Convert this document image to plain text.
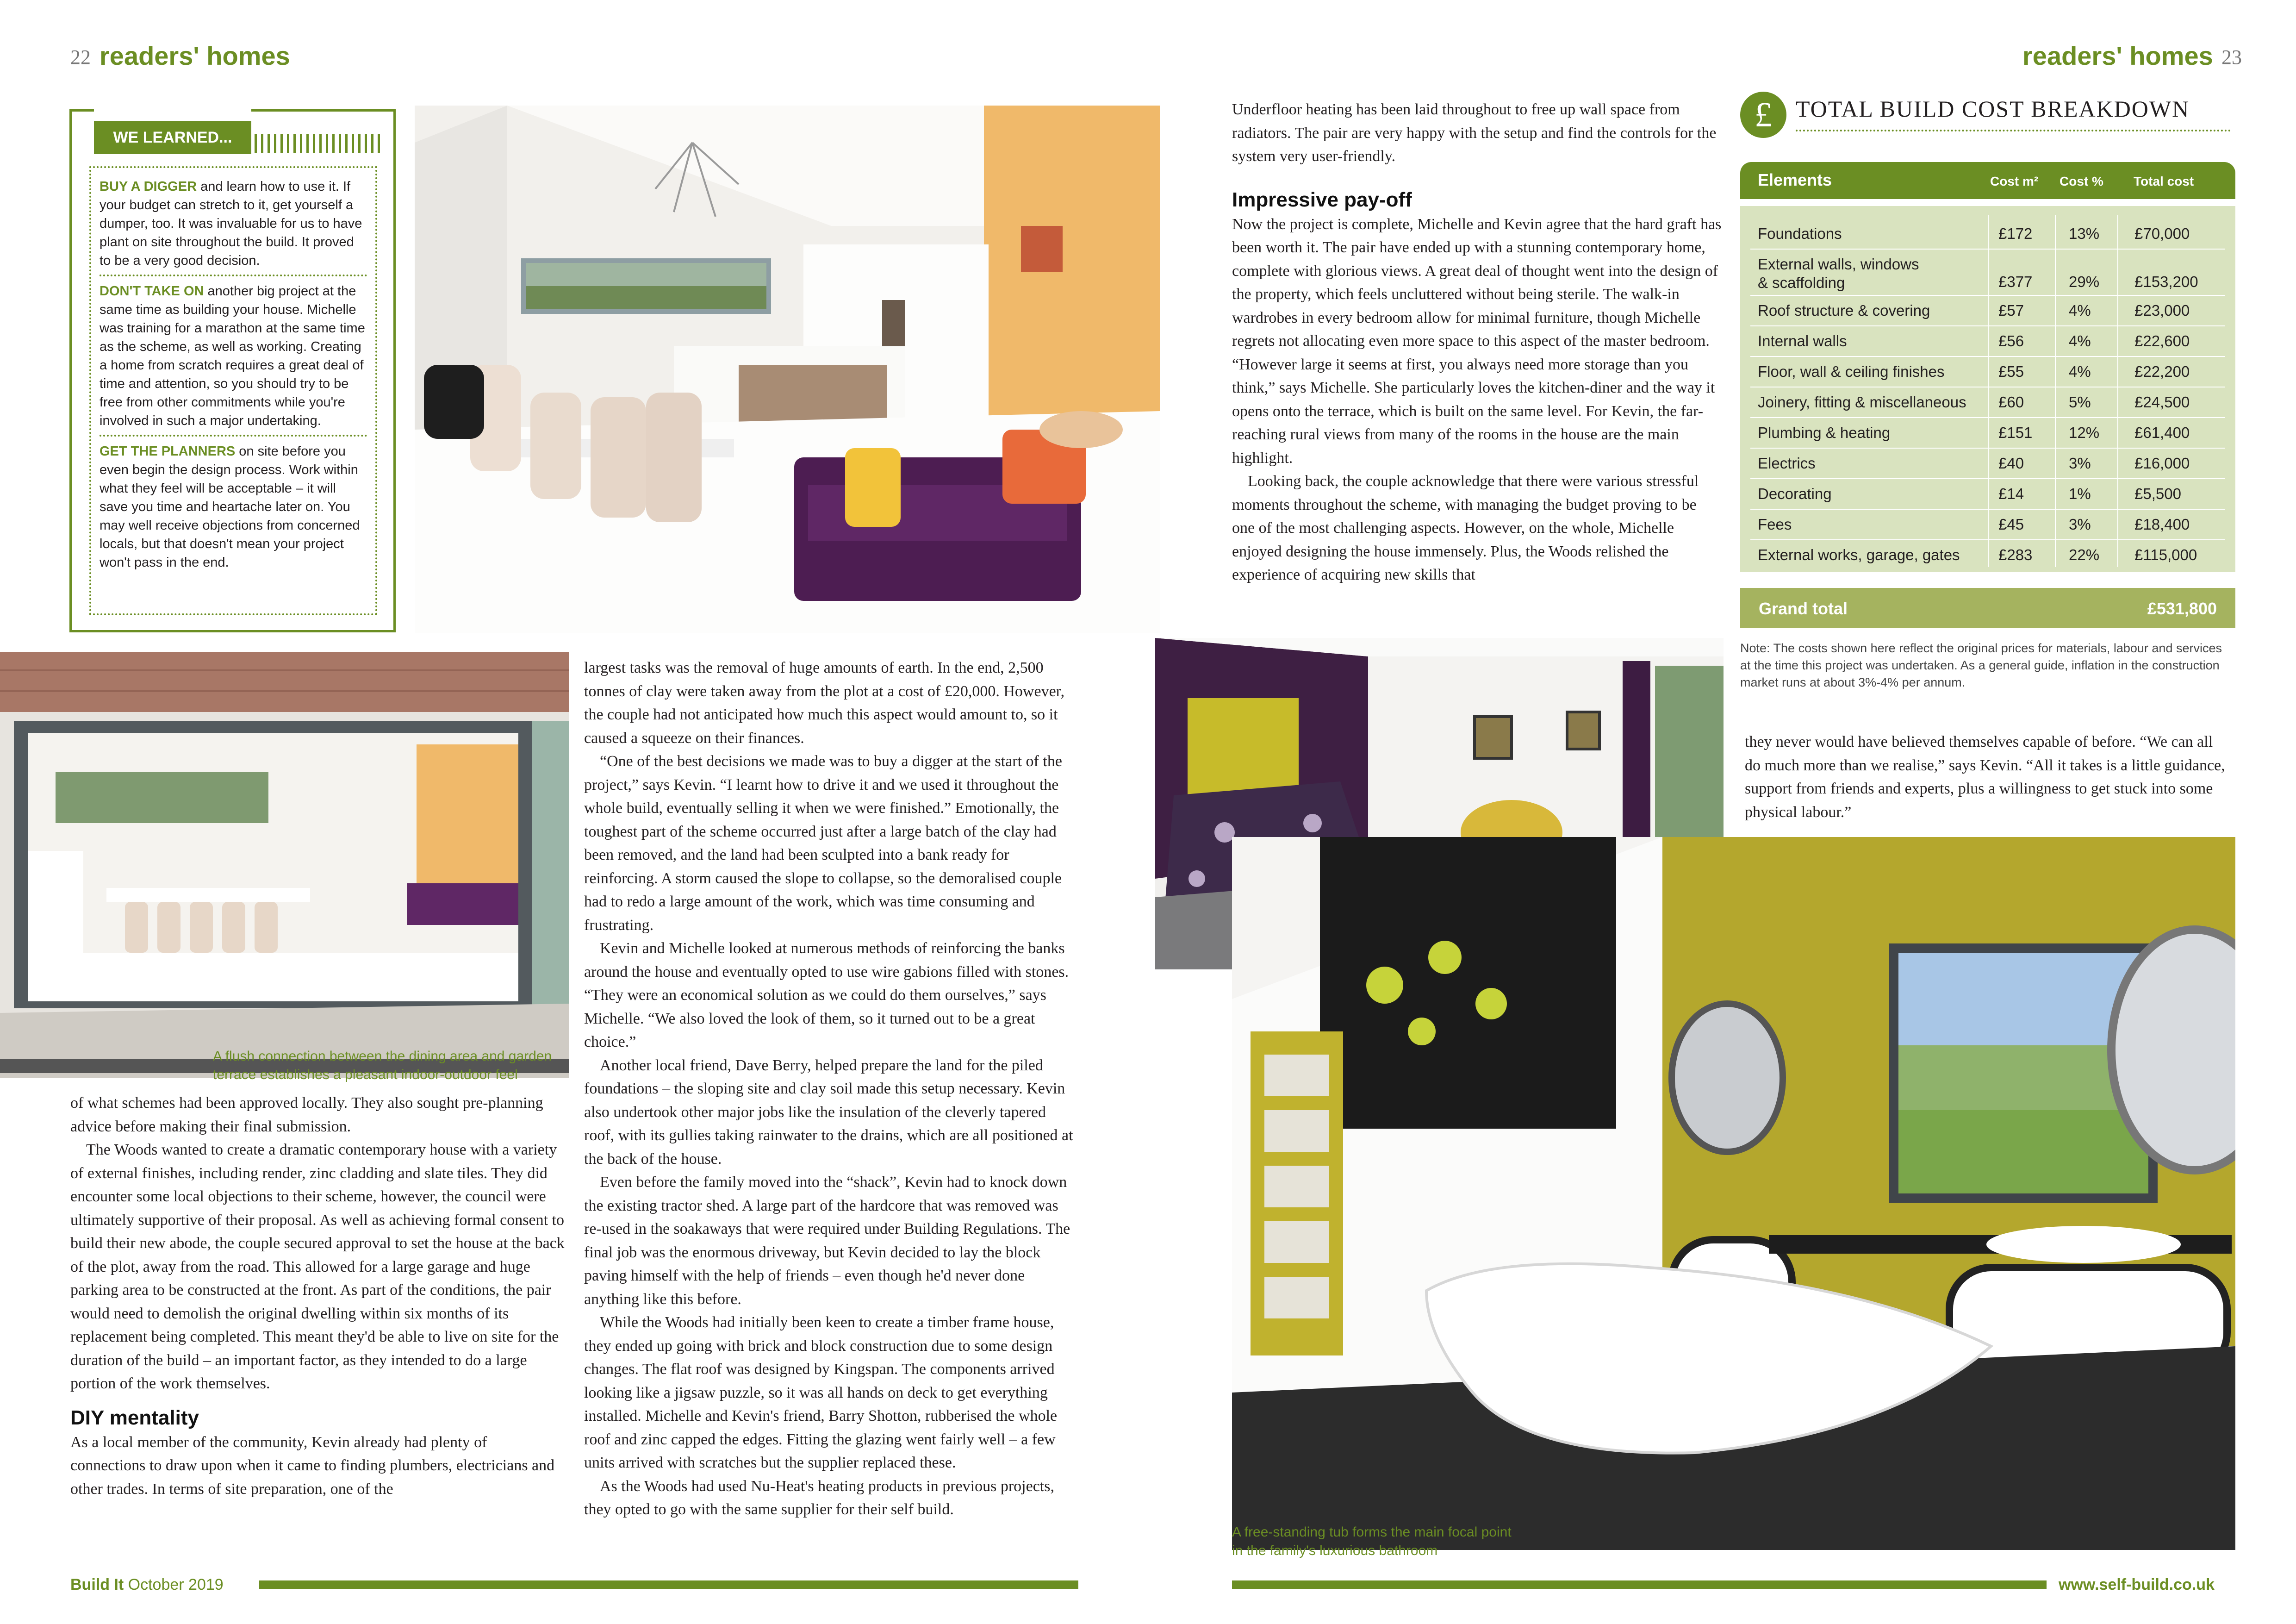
22 readers' homes	readers' homes 23
WE LEARNED...

BUY A DIGGER and learn how to use it. If your budget can stretch to it, get yourself a dumper, too. It was invaluable for us to have plant on site throughout the build. It proved to be a very good decision.

DON'T TAKE ON another big project at the same time as building your house. Michelle was training for a marathon at the same time as the scheme, as well as working. Creating a home from scratch requires a great deal of time and attention, so you should try to be free from other commitments while you're involved in such a major undertaking.

GET THE PLANNERS on site before you even begin the design process. Work within what they feel will be acceptable – it will save you time and heartache later on. You may well receive objections from concerned locals, but that doesn't mean your project won't pass in the end.

A flush connection between the dining area and garden terrace establishes a pleasant indoor-outdoor feel

of what schemes had been approved locally. They also sought pre-planning advice before making their final submission.

The Woods wanted to create a dramatic contemporary house with a variety of external finishes, including render, zinc cladding and slate tiles. They did encounter some local objections to their scheme, however, the council were ultimately supportive of their proposal. As well as achieving formal consent to build their new abode, the couple secured approval to set the house at the back of the plot, away from the road. This allowed for a large garage and huge parking area to be constructed at the front. As part of the conditions, the pair would need to demolish the original dwelling within six months of its replacement being completed. This meant they'd be able to live on site for the duration of the build – an important factor, as they intended to do a large portion of the work themselves.

DIY mentality

As a local member of the community, Kevin already had plenty of connections to draw upon when it came to finding plumbers, electricians and other trades. In terms of site preparation, one of the

largest tasks was the removal of huge amounts of earth. In the end, 2,500 tonnes of clay were taken away from the plot at a cost of £20,000. However, the couple had not anticipated how much this aspect would amount to, so it caused a squeeze on their finances.

“One of the best decisions we made was to buy a digger at the start of the project,” says Kevin. “I learnt how to drive it and we used it throughout the whole build, eventually selling it when we were finished.” Emotionally, the toughest part of the scheme occurred just after a large batch of the clay had been removed, and the land had been sculpted into a bank ready for reinforcing. A storm caused the slope to collapse, so the demoralised couple had to redo a large amount of the work, which was time consuming and frustrating.

Kevin and Michelle looked at numerous methods of reinforcing the banks around the house and eventually opted to use wire gabions filled with stones. “They were an economical solution as we could do them ourselves,” says Michelle. “We also loved the look of them, so it turned out to be a great choice.”

Another local friend, Dave Berry, helped prepare the land for the piled foundations – the sloping site and clay soil made this setup necessary. Kevin also undertook other major jobs like the insulation of the cleverly tapered roof, with its gullies taking rainwater to the drains, which are all positioned at the back of the house.

Even before the family moved into the “shack”, Kevin had to knock down the existing tractor shed. A large part of the hardcore that was removed was re-used in the soakaways that were required under Building Regulations. The final job was the enormous driveway, but Kevin decided to lay the block paving himself with the help of friends – even though he'd never done anything like this before.

While the Woods had initially been keen to create a timber frame house, they ended up going with brick and block construction due to some design changes. The flat roof was designed by Kingspan. The components arrived looking like a jigsaw puzzle, so it was all hands on deck to get everything installed. Michelle and Kevin's friend, Barry Shotton, rubberised the whole roof and zinc capped the edges. Fitting the glazing went fairly well – a few units arrived with scratches but the supplier replaced these.

As the Woods had used Nu-Heat's heating products in previous projects, they opted to go with the same supplier for their self build.

Underfloor heating has been laid throughout to free up wall space from radiators. The pair are very happy with the setup and find the controls for the system very user-friendly.

Impressive pay-off

Now the project is complete, Michelle and Kevin agree that the hard graft has been worth it. The pair have ended up with a stunning contemporary home, complete with glorious views. A great deal of thought went into the design of the property, which feels uncluttered without being sterile. The walk-in wardrobes in every bedroom allow for minimal furniture, though Michelle regrets not allocating even more space to this aspect of the master bedroom. “However large it seems at first, you always need more storage than you think,” says Michelle. She particularly loves the kitchen-diner and the way it opens onto the terrace, which is built on the same level. For Kevin, the far-reaching rural views from many of the rooms in the house are the main highlight.

Looking back, the couple acknowledge that there were various stressful moments throughout the scheme, with managing the budget proving to be one of the most challenging aspects. However, on the whole, Michelle enjoyed designing the house immensely. Plus, the Woods relished the experience of acquiring new skills that

£	TOTAL BUILD COST BREAKDOWN
Elements	Cost m² Cost % Total cost
Foundations	£172 13% £70,000
External walls, windows
& scaffolding	£377 29% £153,200
Roof structure & covering	£57	4%	£23,000
Internal walls	£56	4%	£22,600
Floor, wall & ceiling finishes	£55	4%	£22,200
Joinery, fitting & miscellaneous £60	5%	£24,500
Plumbing & heating	£151 12% £61,400
Electrics	£40	3%	£16,000
Decorating	£14	1%	£5,500
Fees	£45	3%	£18,400
External works, garage, gates	£283 22% £115,000
Grand total	£531,800
Note: The costs shown here reflect the original prices for materials, labour and services at the time this project was undertaken. As a general guide, inflation in the construction market runs at about 3%-4% per annum.

they never would have believed themselves capable of before. “We can all do much more than we realise,” says Kevin. “All it takes is a little guidance, support from friends and experts, plus a willingness to get stuck into some physical labour.”

A free-standing tub forms the main focal point in the family's luxurious bathroom
Build It October 2019	www.self-build.co.uk
